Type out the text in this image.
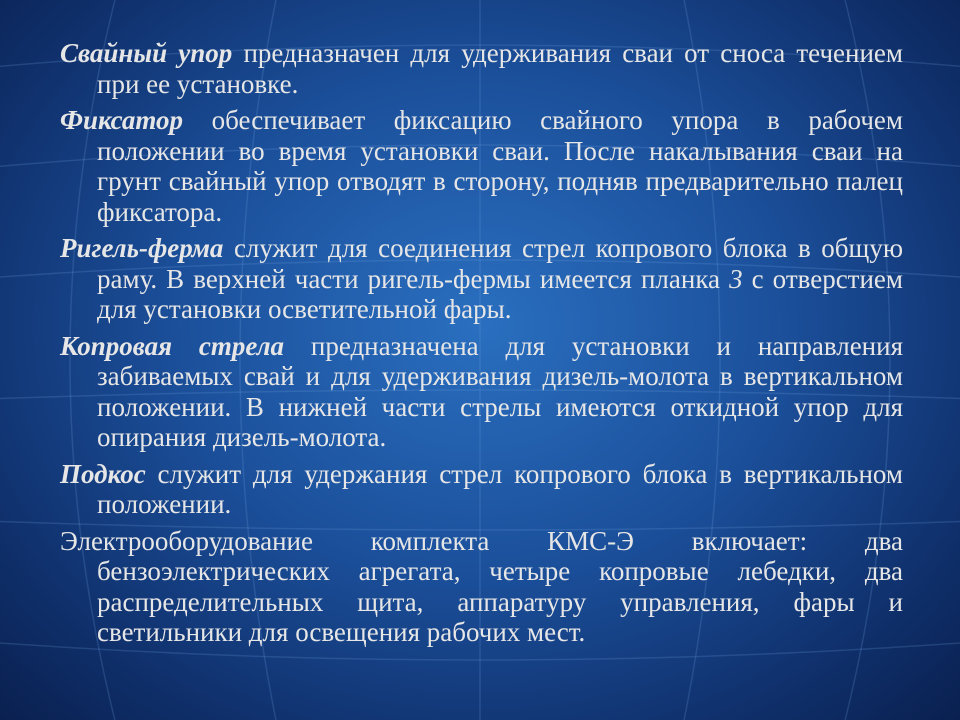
Свайный упор предназначен для удерживания сваи от сноса течением при ее установке.

Фиксатор обеспечивает фиксацию свайного упора в рабочем положении во время установки сваи. После накалывания сваи на грунт свайный упор отводят в сторону, подняв предварительно палец фиксатора.

Ригель-ферма служит для соединения стрел копрового блока в общую раму. В верхней части ригель-фермы имеется планка 3 с отверстием для установки осветительной фары.

Копровая стрела предназначена для установки и направления забиваемых свай и для удерживания дизель-молота в вертикальном положении. В нижней части стрелы имеются откидной упор для опирания дизель-молота.

Подкос служит для удержания стрел копрового блока в вертикальном положении.

Электрооборудование комплекта КМС-Э включает: два бензоэлектрических агрегата, четыре копровые лебедки, два распределительных щита, аппаратуру управления, фары и светильники для освещения рабочих мест.
